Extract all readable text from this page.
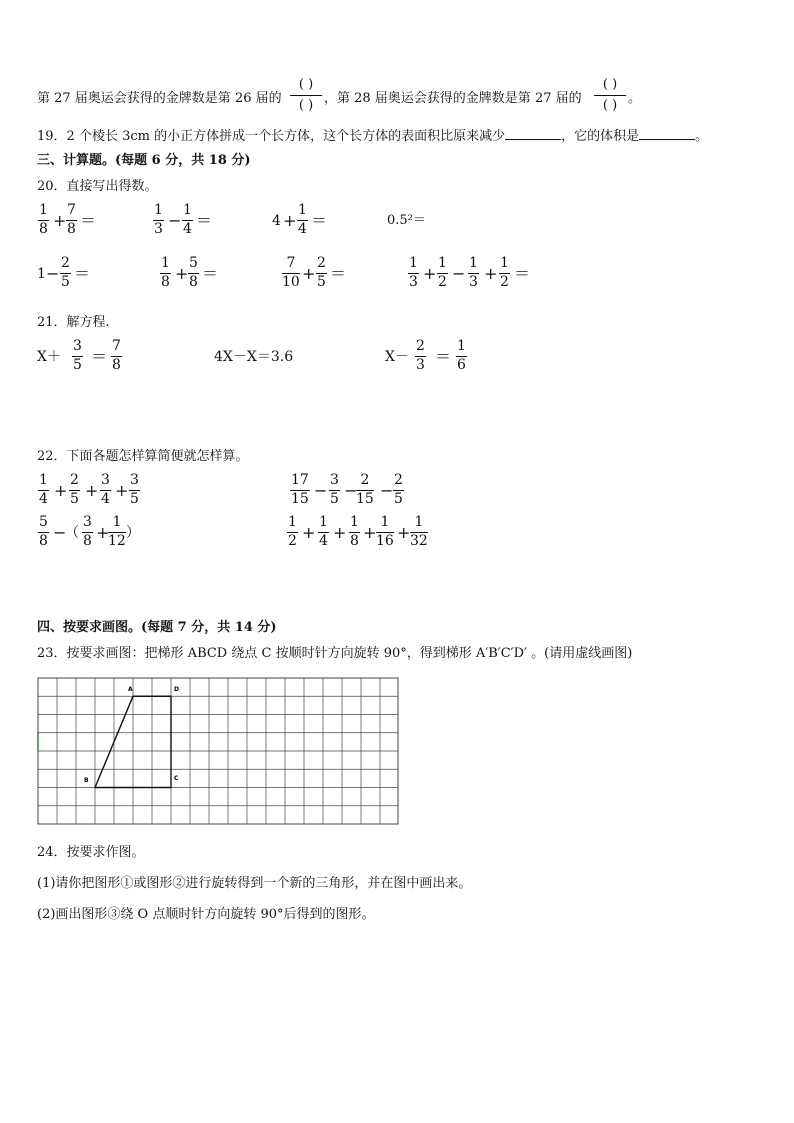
第 27 届奥运会获得的金牌数是第 26 届的
( )
( ) ，第 28 届奥运会获得的金牌数是第 27 届的
( )
( ) 。
19．2 个棱长 3cm 的小正方体拼成一个长方体，这个长方体的表面积比原来减少	，它的体积是	。
三、计算题。(每题 6 分，共 18 分)
20．直接写出得数。
1
8 +
7
8 ＝
1
3 −
1
4 ＝	4 +
1
4 ＝	0.5²＝
1 −
2
5 ＝
1
8 +
5
8 ＝
7
10 +
2
5 ＝
1
3 +
1
2 −
1
3 +
1
2 ＝
21．解方程.
X＋
3
5 ＝
7
8	4X－X＝3.6	X－
2
3 ＝
1
6
22．下面各题怎样算简便就怎样算。
1
4 +
2
5 +
3
4 +
3
5
17
15 −
3
5 −
2
15 −
2
5
5
8 −
（
3
8 +
1
12 ）
1
2 +
1
4 +
1
8 +
1
16 +
1
32
四、按要求画图。(每题 7 分，共 14 分)
23．按要求画图：把梯形 ABCD 绕点 C 按顺时针方向旋转 90°，得到梯形 A′B′C′D′ 。(请用虚线画图)
A	D
B	C
24．按要求作图。
(1)请你把图形①或图形②进行旋转得到一个新的三角形，并在图中画出来。
(2)画出图形③绕 O 点顺时针方向旋转 90°后得到的图形。
